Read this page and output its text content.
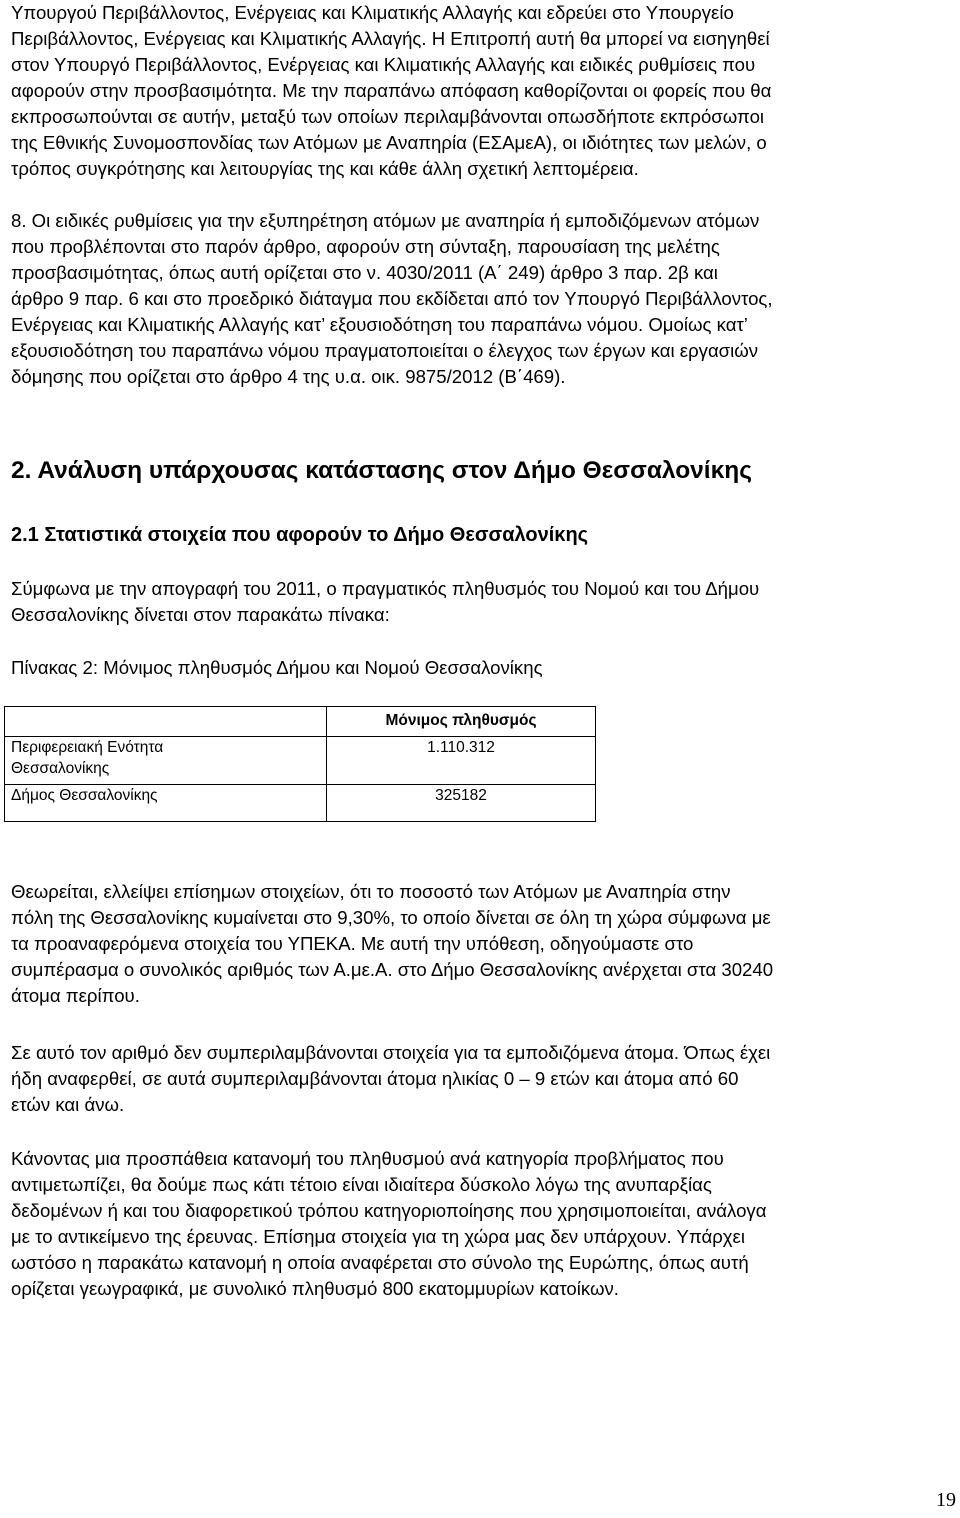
Υπουργού Περιβάλλοντος, Ενέργειας και Κλιματικής Αλλαγής και εδρεύει στο Υπουργείο
Περιβάλλοντος, Ενέργειας και Κλιματικής Αλλαγής. Η Επιτροπή αυτή θα μπορεί να εισηγηθεί
στον Υπουργό Περιβάλλοντος, Ενέργειας και Κλιματικής Αλλαγής και ειδικές ρυθμίσεις που
αφορούν στην προσβασιμότητα. Με την παραπάνω απόφαση καθορίζονται οι φορείς που θα
εκπροσωπούνται σε αυτήν, μεταξύ των οποίων περιλαμβάνονται οπωσδήποτε εκπρόσωποι
της Εθνικής Συνομοσπονδίας των Ατόμων με Αναπηρία (ΕΣΑμεΑ), οι ιδιότητες των μελών, ο
τρόπος συγκρότησης και λειτουργίας της και κάθε άλλη σχετική λεπτομέρεια.
8. Οι ειδικές ρυθμίσεις για την εξυπηρέτηση ατόμων με αναπηρία ή εμποδιζόμενων ατόμων
που προβλέπονται στο παρόν άρθρο, αφορούν στη σύνταξη, παρουσίαση της μελέτης
προσβασιμότητας, όπως αυτή ορίζεται στο ν. 4030/2011 (Α΄ 249) άρθρο 3 παρ. 2β και
άρθρο 9 παρ. 6 και στο προεδρικό διάταγμα που εκδίδεται από τον Υπουργό Περιβάλλοντος,
Ενέργειας και Κλιματικής Αλλαγής κατ’ εξουσιοδότηση του παραπάνω νόμου. Ομοίως κατ’
εξουσιοδότηση του παραπάνω νόμου πραγματοποιείται ο έλεγχος των έργων και εργασιών
δόμησης που ορίζεται στο άρθρο 4 της υ.α. οικ. 9875/2012 (Β΄469).
2. Ανάλυση υπάρχουσας κατάστασης στον Δήμο Θεσσαλονίκης
2.1 Στατιστικά στοιχεία που αφορούν το Δήμο Θεσσαλονίκης
Σύμφωνα με την απογραφή του 2011, ο πραγματικός πληθυσμός του Νομού και του Δήμου
Θεσσαλονίκης δίνεται στον παρακάτω πίνακα:

Πίνακας 2: Μόνιμος πληθυσμός Δήμου και Νομού Θεσσαλονίκης

	Μόνιμος πληθυσμός

Περιφερειακή Ενότητα
Θεσσαλονίκης	1.110.312

Δήμος Θεσσαλονίκης	325182
Θεωρείται, ελλείψει επίσημων στοιχείων, ότι το ποσοστό των Ατόμων με Αναπηρία στην
πόλη της Θεσσαλονίκης κυμαίνεται στο 9,30%, το οποίο δίνεται σε όλη τη χώρα σύμφωνα με
τα προαναφερόμενα στοιχεία του ΥΠΕΚΑ. Με αυτή την υπόθεση, οδηγούμαστε στο
συμπέρασμα ο συνολικός αριθμός των Α.με.Α. στο Δήμο Θεσσαλονίκης ανέρχεται στα 30240
άτομα περίπου.
Σε αυτό τον αριθμό δεν συμπεριλαμβάνονται στοιχεία για τα εμποδιζόμενα άτομα. Όπως έχει
ήδη αναφερθεί, σε αυτά συμπεριλαμβάνονται άτομα ηλικίας 0 – 9 ετών και άτομα από 60
ετών και άνω.
Κάνοντας μια προσπάθεια κατανομή του πληθυσμού ανά κατηγορία προβλήματος που
αντιμετωπίζει, θα δούμε πως κάτι τέτοιο είναι ιδιαίτερα δύσκολο λόγω της ανυπαρξίας
δεδομένων ή και του διαφορετικού τρόπου κατηγοριοποίησης που χρησιμοποιείται, ανάλογα
με το αντικείμενο της έρευνας. Επίσημα στοιχεία για τη χώρα μας δεν υπάρχουν. Υπάρχει
ωστόσο η παρακάτω κατανομή η οποία αναφέρεται στο σύνολο της Ευρώπης, όπως αυτή
ορίζεται γεωγραφικά, με συνολικό πληθυσμό 800 εκατομμυρίων κατοίκων.
19
